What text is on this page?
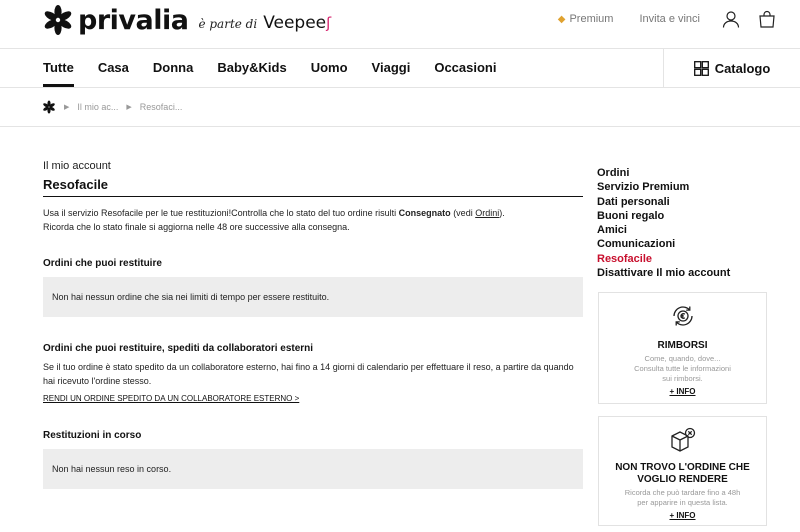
privalia è parte di Veepeeʃ	◆ Premium Invita e vinci
Tutte Casa Donna Baby&Kids Uomo Viaggi Occasioni	Catalogo
▶ Il mio ac... ▶ Resofaci...
Il mio account
Resofacile
Usa il servizio Resofacile per le tue restituzioni!Controlla che lo stato del tuo ordine risulti Consegnato (vedi Ordini).
Ricorda che lo stato finale si aggiorna nelle 48 ore successive alla consegna.
Ordini che puoi restituire
Non hai nessun ordine che sia nei limiti di tempo per essere restituito.
Ordini che puoi restituire, spediti da collaboratori esterni
Se il tuo ordine è stato spedito da un collaboratore esterno, hai fino a 14 giorni di calendario per effettuare il reso, a partire da quando hai ricevuto l'ordine stesso.
RENDI UN ORDINE SPEDITO DA UN COLLABORATORE ESTERNO >
Restituzioni in corso
Non hai nessun reso in corso.
Ordini
Servizio Premium
Dati personali
Buoni regalo
Amici
Comunicazioni
Resofacile
Disattivare Il mio account
RIMBORSI
Come, quando, dove...
Consulta tutte le informazioni
sui rimborsi.
+ INFO
NON TROVO L'ORDINE CHE
VOGLIO RENDERE
Ricorda che può tardare fino a 48h
per apparire in questa lista.
+ INFO
